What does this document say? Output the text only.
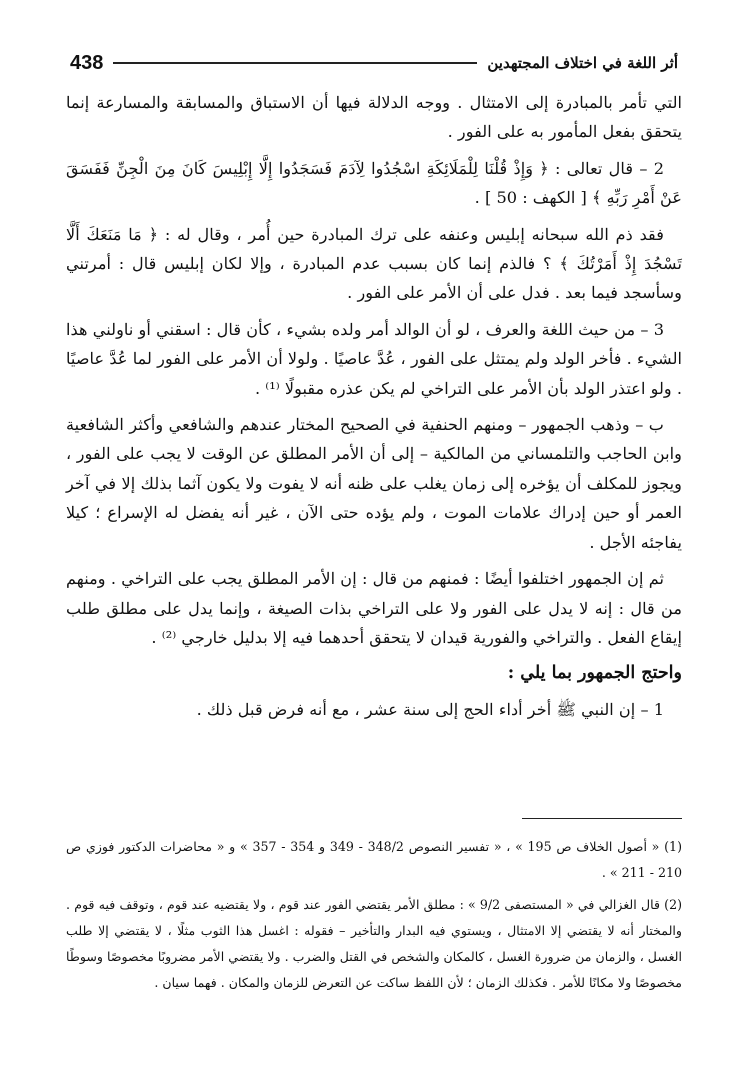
438	أثر اللغة في اختلاف المجتهدين

التي تأمر بالمبادرة إلى الامتثال . ووجه الدلالة فيها أن الاستباق والمسابقة والمسارعة إنما يتحقق بفعل المأمور به على الفور .

2 – قال تعالى : ﴿ وَإِذْ قُلْنَا لِلْمَلَائِكَةِ اسْجُدُوا لِآدَمَ فَسَجَدُوا إِلَّا إِبْلِيسَ كَانَ مِنَ الْجِنِّ فَفَسَقَ عَنْ أَمْرِ رَبِّهِ ﴾ [ الكهف : 50 ] .

فقد ذم الله سبحانه إبليس وعنفه على ترك المبادرة حين أُمر ، وقال له : ﴿ مَا مَنَعَكَ أَلَّا تَسْجُدَ إِذْ أَمَرْتُكَ ﴾ ؟ فالذم إنما كان بسبب عدم المبادرة ، وإلا لكان إبليس قال : أمرتني وسأسجد فيما بعد . فدل على أن الأمر على الفور .

3 – من حيث اللغة والعرف ، لو أن الوالد أمر ولده بشيء ، كأن قال : اسقني أو ناولني هذا الشيء . فأخر الولد ولم يمتثل على الفور ، عُدَّ عاصيًا . ولولا أن الأمر على الفور لما عُدَّ عاصيًا . ولو اعتذر الولد بأن الأمر على التراخي لم يكن عذره مقبولًا ⁽¹⁾ .

ب – وذهب الجمهور – ومنهم الحنفية في الصحيح المختار عندهم والشافعي وأكثر الشافعية وابن الحاجب والتلمساني من المالكية – إلى أن الأمر المطلق عن الوقت لا يجب على الفور ، ويجوز للمكلف أن يؤخره إلى زمان يغلب على ظنه أنه لا يفوت ولا يكون آثما بذلك إلا في آخر العمر أو حين إدراك علامات الموت ، ولم يؤده حتى الآن ، غير أنه يفضل له الإسراع ؛ كيلا يفاجئه الأجل .

ثم إن الجمهور اختلفوا أيضًا : فمنهم من قال : إن الأمر المطلق يجب على التراخي . ومنهم من قال : إنه لا يدل على الفور ولا على التراخي بذات الصيغة ، وإنما يدل على مطلق طلب إيقاع الفعل . والتراخي والفورية قيدان لا يتحقق أحدهما فيه إلا بدليل خارجي ⁽²⁾ .

واحتج الجمهور بما يلي :

1 – إن النبي ﷺ أخر أداء الحج إلى سنة عشر ، مع أنه فرض قبل ذلك .

(1) « أصول الخلاف ص 195 » ، « تفسير النصوص 348/2 - 349 و 354 - 357 » و « محاضرات الدكتور فوزي ص 210 - 211 » .

(2) قال الغزالي في « المستصفى 9/2 » : مطلق الأمر يقتضي الفور عند قوم ، ولا يقتضيه عند قوم ، وتوقف فيه قوم . والمختار أنه لا يقتضي إلا الامتثال ، ويستوي فيه البدار والتأخير – فقوله : اغسل هذا الثوب مثلًا ، لا يقتضي إلا طلب الغسل ، والزمان من ضرورة الغسل ، كالمكان والشخص في القتل والضرب . ولا يقتضي الأمر مضروبًا مخصوصًا وسوطًا مخصوصًا ولا مكانًا للأمر . فكذلك الزمان ؛ لأن اللفظ ساكت عن التعرض للزمان والمكان . فهما سيان .
